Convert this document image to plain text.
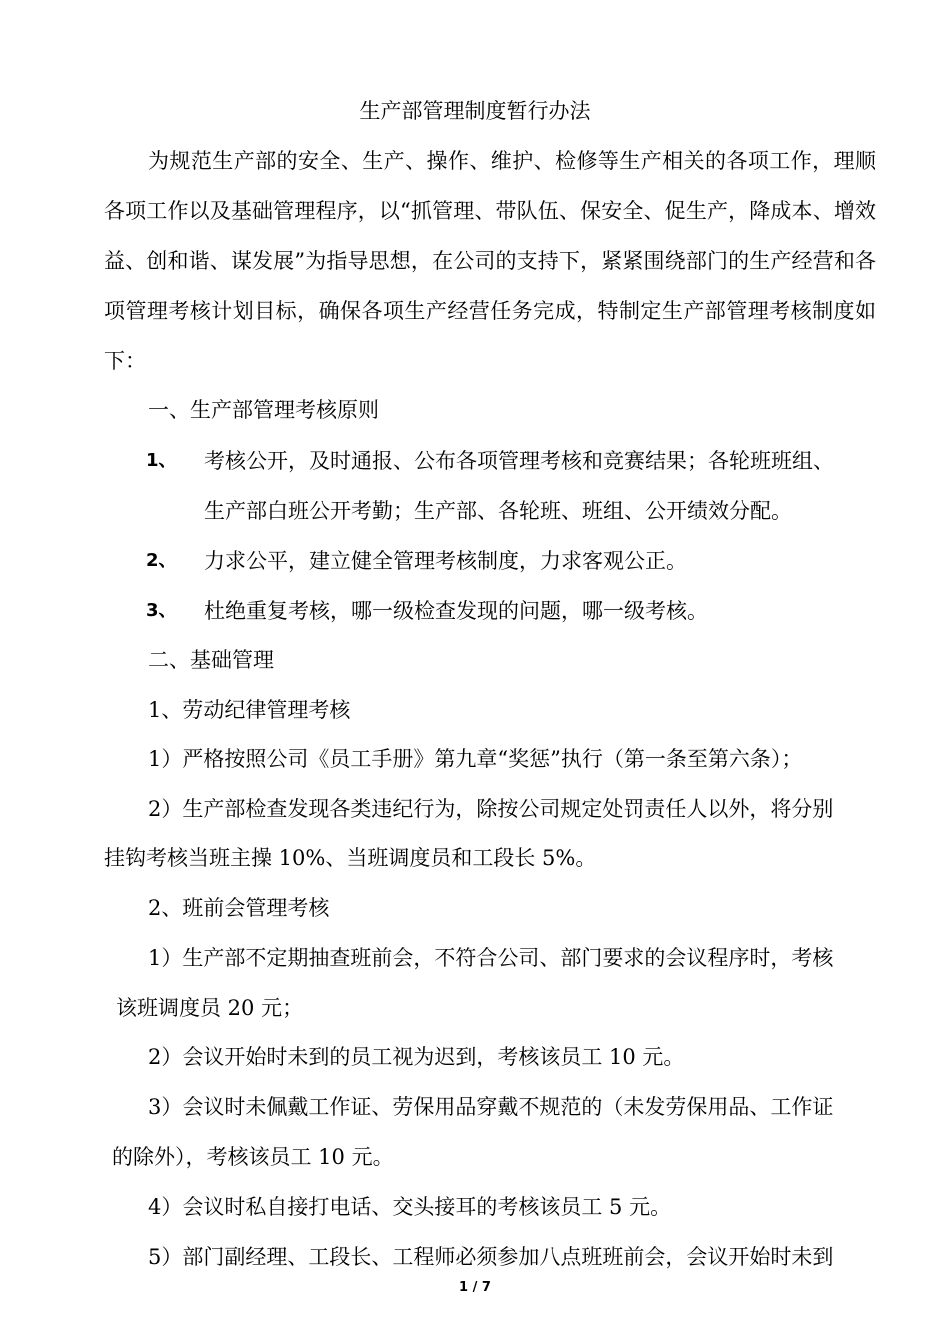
生产部管理制度暂行办法
为规范生产部的安全、生产、操作、维护、检修等生产相关的各项工作，理顺各项工作以及基础管理程序，以“抓管理、带队伍、保安全、促生产，降成本、增效益、创和谐、谋发展”为指导思想，在公司的支持下，紧紧围绕部门的生产经营和各项管理考核计划目标，确保各项生产经营任务完成，特制定生产部管理考核制度如下：
一、生产部管理考核原则
1、 考核公开，及时通报、公布各项管理考核和竞赛结果；各轮班班组、
生产部白班公开考勤；生产部、各轮班、班组、公开绩效分配。
2、 力求公平，建立健全管理考核制度，力求客观公正。
3、 杜绝重复考核，哪一级检查发现的问题，哪一级考核。
二、基础管理
1、劳动纪律管理考核
1）严格按照公司《员工手册》第九章“奖惩”执行（第一条至第六条）；
2）生产部检查发现各类违纪行为，除按公司规定处罚责任人以外，将分别
挂钩考核当班主操 10%、当班调度员和工段长 5%。
2、班前会管理考核
1）生产部不定期抽查班前会，不符合公司、部门要求的会议程序时，考核
该班调度员 20 元；
2）会议开始时未到的员工视为迟到，考核该员工 10 元。
3）会议时未佩戴工作证、劳保用品穿戴不规范的（未发劳保用品、工作证
的除外），考核该员工 10 元。
4）会议时私自接打电话、交头接耳的考核该员工 5 元。
5）部门副经理、工段长、工程师必须参加八点班班前会，会议开始时未到
1 / 7
